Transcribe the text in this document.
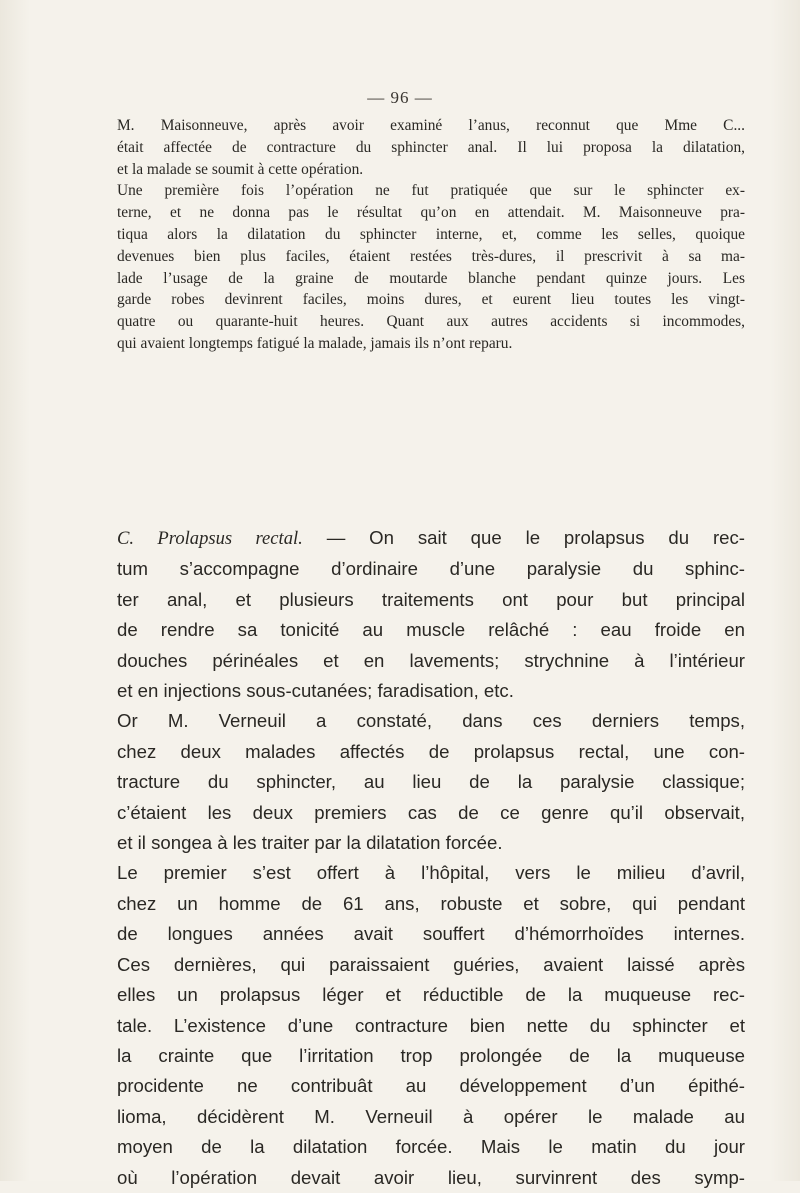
— 96 —

M. Maisonneuve, après avoir examiné l’anus, reconnut que Mme C...
était affectée de contracture du sphincter anal. Il lui proposa la dilatation,
et la malade se soumit à cette opération.

Une première fois l’opération ne fut pratiquée que sur le sphincter ex-
terne, et ne donna pas le résultat qu’on en attendait. M. Maisonneuve pra-
tiqua alors la dilatation du sphincter interne, et, comme les selles, quoique
devenues bien plus faciles, étaient restées très-dures, il prescrivit à sa ma-
lade l’usage de la graine de moutarde blanche pendant quinze jours. Les
garde robes devinrent faciles, moins dures, et eurent lieu toutes les vingt-
quatre ou quarante-huit heures. Quant aux autres accidents si incommodes,
qui avaient longtemps fatigué la malade, jamais ils n’ont reparu.

C. Prolapsus rectal. — On sait que le prolapsus du rec-
tum s’accompagne d’ordinaire d’une paralysie du sphinc-
ter anal, et plusieurs traitements ont pour but principal
de rendre sa tonicité au muscle relâché : eau froide en
douches périnéales et en lavements; strychnine à l’intérieur
et en injections sous-cutanées; faradisation, etc.

Or M. Verneuil a constaté, dans ces derniers temps,
chez deux malades affectés de prolapsus rectal, une con-
tracture du sphincter, au lieu de la paralysie classique;
c’étaient les deux premiers cas de ce genre qu’il observait,
et il songea à les traiter par la dilatation forcée.

Le premier s’est offert à l’hôpital, vers le milieu d’avril,
chez un homme de 61 ans, robuste et sobre, qui pendant
de longues années avait souffert d’hémorrhoïdes internes.
Ces dernières, qui paraissaient guéries, avaient laissé après
elles un prolapsus léger et réductible de la muqueuse rec-
tale. L’existence d’une contracture bien nette du sphincter et
la crainte que l’irritation trop prolongée de la muqueuse
procidente ne contribuât au développement d’un épithé-
lioma, décidèrent M. Verneuil à opérer le malade au
moyen de la dilatation forcée. Mais le matin du jour
où l’opération devait avoir lieu, survinrent des symp-
